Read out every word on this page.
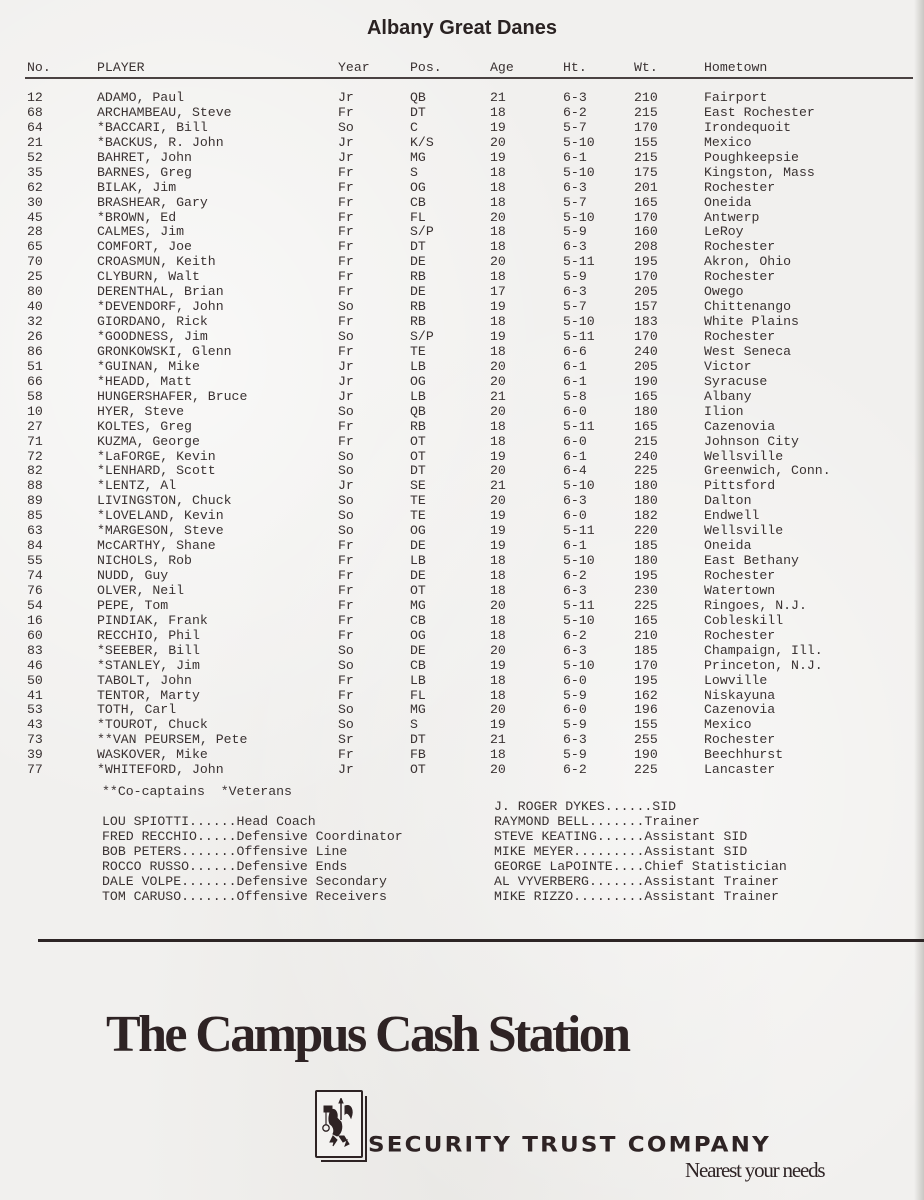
Albany Great Danes
No.	PLAYER	Year	Pos.	Age	Ht.	Wt.	Hometown
12	ADAMO, Paul	Jr	QB	21	6-3	210	Fairport
68	ARCHAMBEAU, Steve	Fr	DT	18	6-2	215	East Rochester
64	*BACCARI, Bill	So	C	19	5-7	170	Irondequoit
21	*BACKUS, R. John	Jr	K/S	20	5-10	155	Mexico
52	BAHRET, John	Jr	MG	19	6-1	215	Poughkeepsie
35	BARNES, Greg	Fr	S	18	5-10	175	Kingston, Mass
62	BILAK, Jim	Fr	OG	18	6-3	201	Rochester
30	BRASHEAR, Gary	Fr	CB	18	5-7	165	Oneida
45	*BROWN, Ed	Fr	FL	20	5-10	170	Antwerp
28	CALMES, Jim	Fr	S/P	18	5-9	160	LeRoy
65	COMFORT, Joe	Fr	DT	18	6-3	208	Rochester
70	CROASMUN, Keith	Fr	DE	20	5-11	195	Akron, Ohio
25	CLYBURN, Walt	Fr	RB	18	5-9	170	Rochester
80	DERENTHAL, Brian	Fr	DE	17	6-3	205	Owego
40	*DEVENDORF, John	So	RB	19	5-7	157	Chittenango
32	GIORDANO, Rick	Fr	RB	18	5-10	183	White Plains
26	*GOODNESS, Jim	So	S/P	19	5-11	170	Rochester
86	GRONKOWSKI, Glenn	Fr	TE	18	6-6	240	West Seneca
51	*GUINAN, Mike	Jr	LB	20	6-1	205	Victor
66	*HEADD, Matt	Jr	OG	20	6-1	190	Syracuse
58	HUNGERSHAFER, Bruce	Jr	LB	21	5-8	165	Albany
10	HYER, Steve	So	QB	20	6-0	180	Ilion
27	KOLTES, Greg	Fr	RB	18	5-11	165	Cazenovia
71	KUZMA, George	Fr	OT	18	6-0	215	Johnson City
72	*LaFORGE, Kevin	So	OT	19	6-1	240	Wellsville
82	*LENHARD, Scott	So	DT	20	6-4	225	Greenwich, Conn.
88	*LENTZ, Al	Jr	SE	21	5-10	180	Pittsford
89	LIVINGSTON, Chuck	So	TE	20	6-3	180	Dalton
85	*LOVELAND, Kevin	So	TE	19	6-0	182	Endwell
63	*MARGESON, Steve	So	OG	19	5-11	220	Wellsville
84	McCARTHY, Shane	Fr	DE	19	6-1	185	Oneida
55	NICHOLS, Rob	Fr	LB	18	5-10	180	East Bethany
74	NUDD, Guy	Fr	DE	18	6-2	195	Rochester
76	OLVER, Neil	Fr	OT	18	6-3	230	Watertown
54	PEPE, Tom	Fr	MG	20	5-11	225	Ringoes, N.J.
16	PINDIAK, Frank	Fr	CB	18	5-10	165	Cobleskill
60	RECCHIO, Phil	Fr	OG	18	6-2	210	Rochester
83	*SEEBER, Bill	So	DE	20	6-3	185	Champaign, Ill.
46	*STANLEY, Jim	So	CB	19	5-10	170	Princeton, N.J.
50	TABOLT, John	Fr	LB	18	6-0	195	Lowville
41	TENTOR, Marty	Fr	FL	18	5-9	162	Niskayuna
53	TOTH, Carl	So	MG	20	6-0	196	Cazenovia
43	*TOUROT, Chuck	So	S	19	5-9	155	Mexico
73	**VAN PEURSEM, Pete	Sr	DT	21	6-3	255	Rochester
39	WASKOVER, Mike	Fr	FB	18	5-9	190	Beechhurst
77	*WHITEFORD, John	Jr	OT	20	6-2	225	Lancaster
**Co-captains  *Veterans
LOU SPIOTTI......Head Coach
FRED RECCHIO.....Defensive Coordinator
BOB PETERS.......Offensive Line
ROCCO RUSSO......Defensive Ends
DALE VOLPE.......Defensive Secondary
TOM CARUSO.......Offensive Receivers
J. ROGER DYKES......SID
RAYMOND BELL.......Trainer
STEVE KEATING......Assistant SID
MIKE MEYER.........Assistant SID
GEORGE LaPOINTE....Chief Statistician
AL VYVERBERG.......Assistant Trainer
MIKE RIZZO.........Assistant Trainer
The Campus Cash Station
SECURITY TRUST COMPANY
Nearest your needs
